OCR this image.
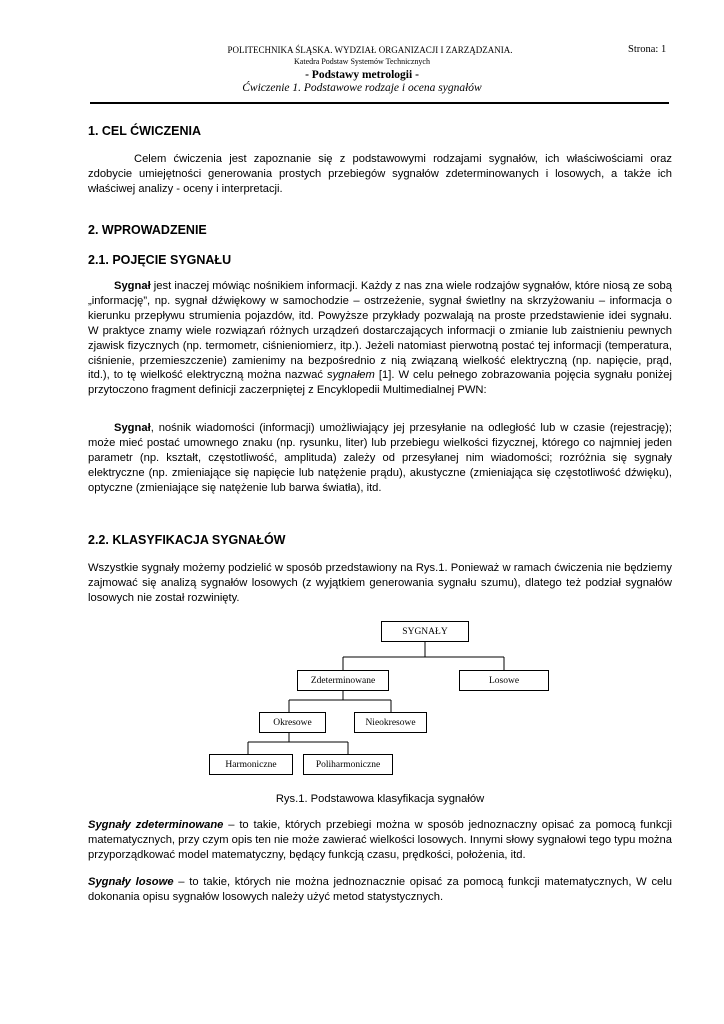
POLITECHNIKA ŚLĄSKA. WYDZIAŁ ORGANIZACJI I ZARZĄDZANIA.
Katedra Podstaw Systemów Technicznych
- Podstawy metrologii -
Ćwiczenie 1. Podstawowe rodzaje i ocena sygnałów
Strona: 1
1. CEL ĆWICZENIA

Celem ćwiczenia jest zapoznanie się z podstawowymi rodzajami sygnałów, ich właściwościami oraz zdobycie umiejętności generowania prostych przebiegów sygnałów zdeterminowanych i losowych, a także ich właściwej analizy - oceny i interpretacji.

2. WPROWADZENIE
2.1. POJĘCIE SYGNAŁU

Sygnał jest inaczej mówiąc nośnikiem informacji. Każdy z nas zna wiele rodzajów sygnałów, które niosą ze sobą „informację”, np. sygnał dźwiękowy w samochodzie – ostrzeżenie, sygnał świetlny na skrzyżowaniu – informacja o kierunku przepływu strumienia pojazdów, itd. Powyższe przykłady pozwalają na proste przedstawienie idei sygnału. W praktyce znamy wiele rozwiązań różnych urządzeń dostarczających informacji o zmianie lub zaistnieniu pewnych zjawisk fizycznych (np. termometr, ciśnieniomierz, itp.). Jeżeli natomiast pierwotną postać tej informacji (temperatura, ciśnienie, przemieszczenie) zamienimy na bezpośrednio z nią związaną wielkość elektryczną (np. napięcie, prąd, itd.), to tę wielkość elektryczną można nazwać sygnałem [1]. W celu pełnego zobrazowania pojęcia sygnału poniżej przytoczono fragment definicji zaczerpniętej z Encyklopedii Multimedialnej PWN:

Sygnał, nośnik wiadomości (informacji) umożliwiający jej przesyłanie na odległość lub w czasie (rejestrację); może mieć postać umownego znaku (np. rysunku, liter) lub przebiegu wielkości fizycznej, którego co najmniej jeden parametr (np. kształt, częstotliwość, amplituda) zależy od przesyłanej nim wiadomości; rozróżnia się sygnały elektryczne (np. zmieniające się napięcie lub natężenie prądu), akustyczne (zmieniająca się częstotliwość dźwięku), optyczne (zmieniające się natężenie lub barwa światła), itd.

2.2. KLASYFIKACJA SYGNAŁÓW

Wszystkie sygnały możemy podzielić w sposób przedstawiony na Rys.1. Ponieważ w ramach ćwiczenia nie będziemy zajmować się analizą sygnałów losowych (z wyjątkiem generowania sygnału szumu), dlatego też podział sygnałów losowych nie został rozwinięty.

SYGNAŁY
Zdeterminowane	Losowe
Okresowe	Nieokresowe
Harmoniczne	Poliharmoniczne
Rys.1. Podstawowa klasyfikacja sygnałów

Sygnały zdeterminowane – to takie, których przebiegi można w sposób jednoznaczny opisać za pomocą funkcji matematycznych, przy czym opis ten nie może zawierać wielkości losowych. Innymi słowy sygnałowi tego typu można przyporządkować model matematyczny, będący funkcją czasu, prędkości, położenia, itd.

Sygnały losowe – to takie, których nie można jednoznacznie opisać za pomocą funkcji matematycznych, W celu dokonania opisu sygnałów losowych należy użyć metod statystycznych.
